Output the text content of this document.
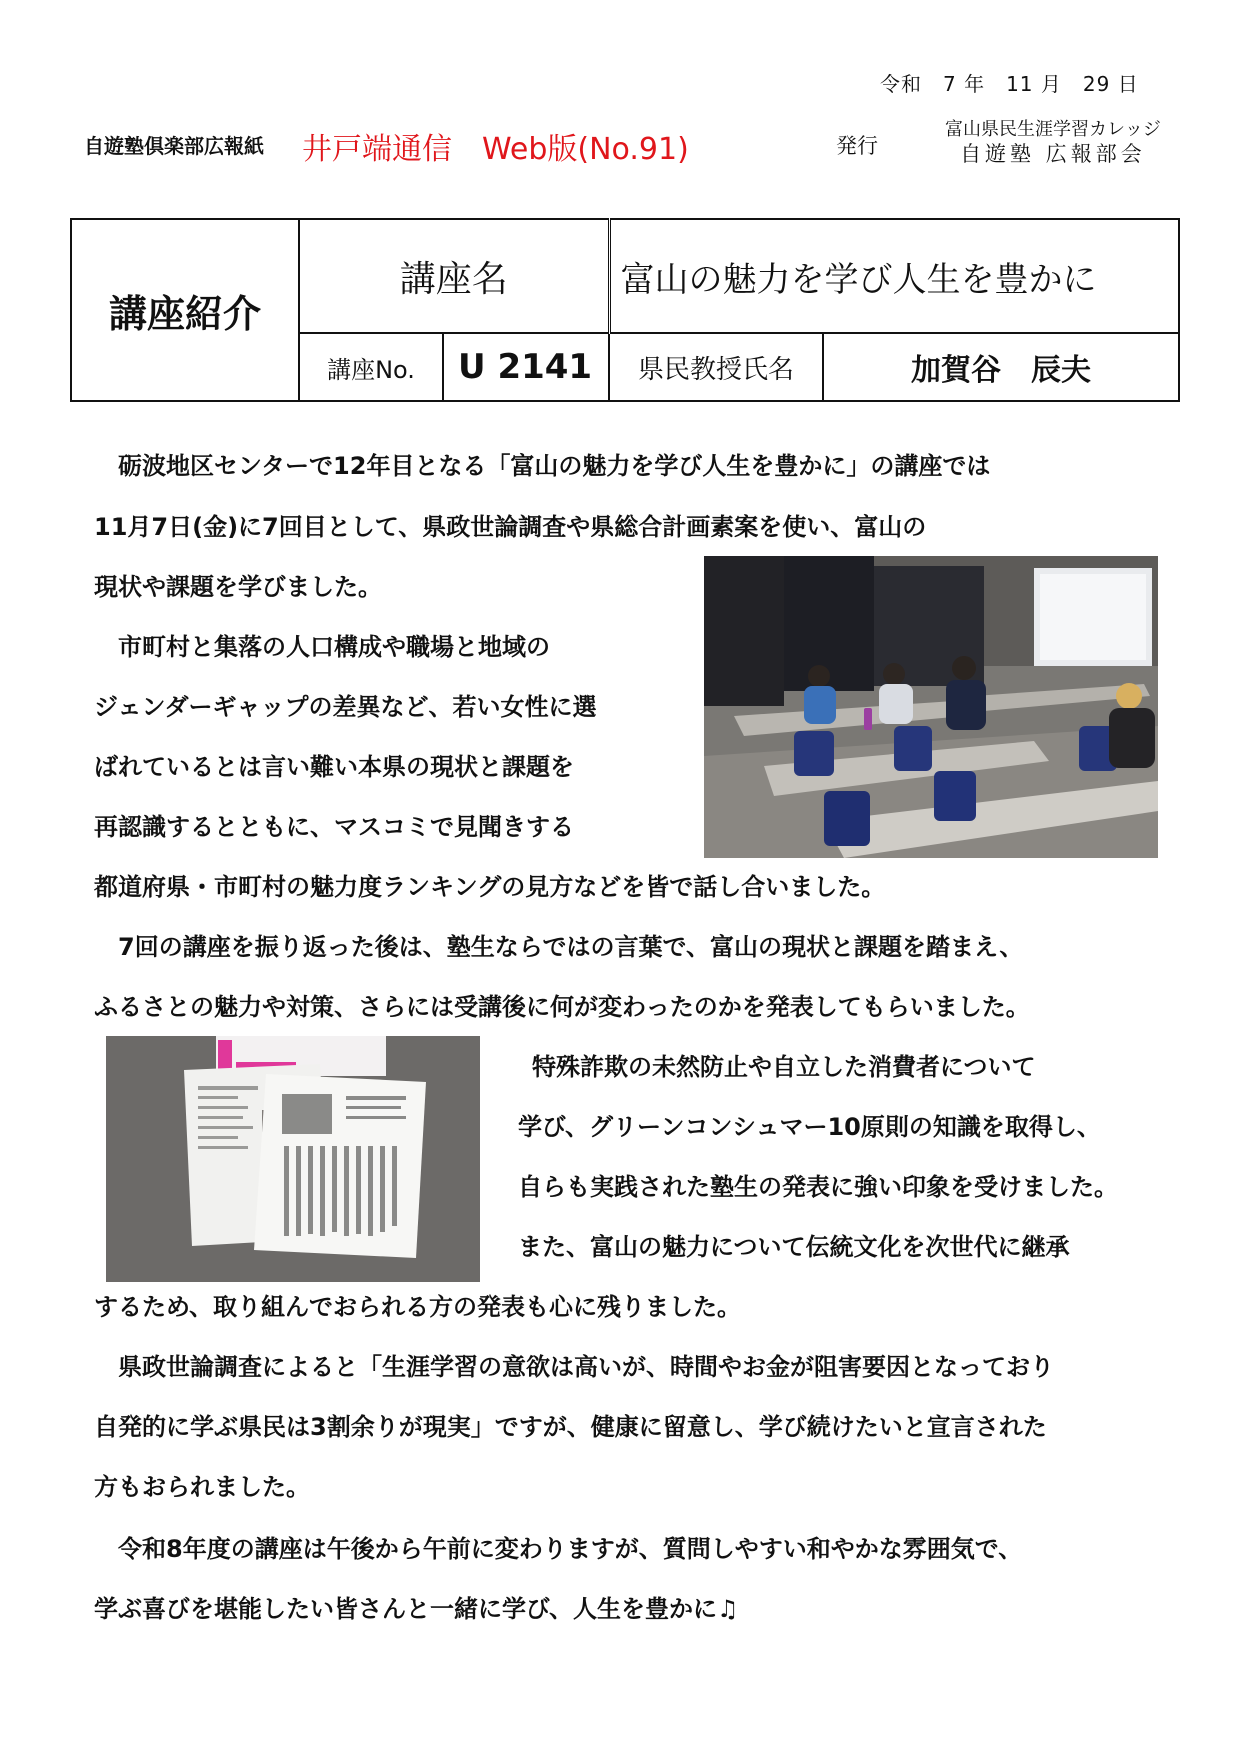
令和　7 年　11 月　29 日
自遊塾倶楽部広報紙 井戸端通信　Web版(No.91)	発行
富山県民生涯学習カレッジ
自遊塾 広報部会
講座紹介	講座名		富山の魅力を学び人生を豊かに	
	講座No.	U 2141	県民教授氏名	加賀谷　辰夫
　砺波地区センターで12年目となる「富山の魅力を学び人生を豊かに」の講座では
11月7日(金)に7回目として、県政世論調査や県総合計画素案を使い、富山の
現状や課題を学びました。
　市町村と集落の人口構成や職場と地域の
ジェンダーギャップの差異など、若い女性に選
ばれているとは言い難い本県の現状と課題を
再認識するとともに、マスコミで見聞きする
都道府県・市町村の魅力度ランキングの見方などを皆で話し合いました。
　7回の講座を振り返った後は、塾生ならではの言葉で、富山の現状と課題を踏まえ、
ふるさとの魅力や対策、さらには受講後に何が変わったのかを発表してもらいました。
　特殊詐欺の未然防止や自立した消費者について
学び、グリーンコンシュマー10原則の知識を取得し、
自らも実践された塾生の発表に強い印象を受けました。
また、富山の魅力について伝統文化を次世代に継承
するため、取り組んでおられる方の発表も心に残りました。
　県政世論調査によると「生涯学習の意欲は高いが、時間やお金が阻害要因となっており
自発的に学ぶ県民は3割余りが現実」ですが、健康に留意し、学び続けたいと宣言された
方もおられました。
　令和8年度の講座は午後から午前に変わりますが、質問しやすい和やかな雰囲気で、
学ぶ喜びを堪能したい皆さんと一緒に学び、人生を豊かに♫
